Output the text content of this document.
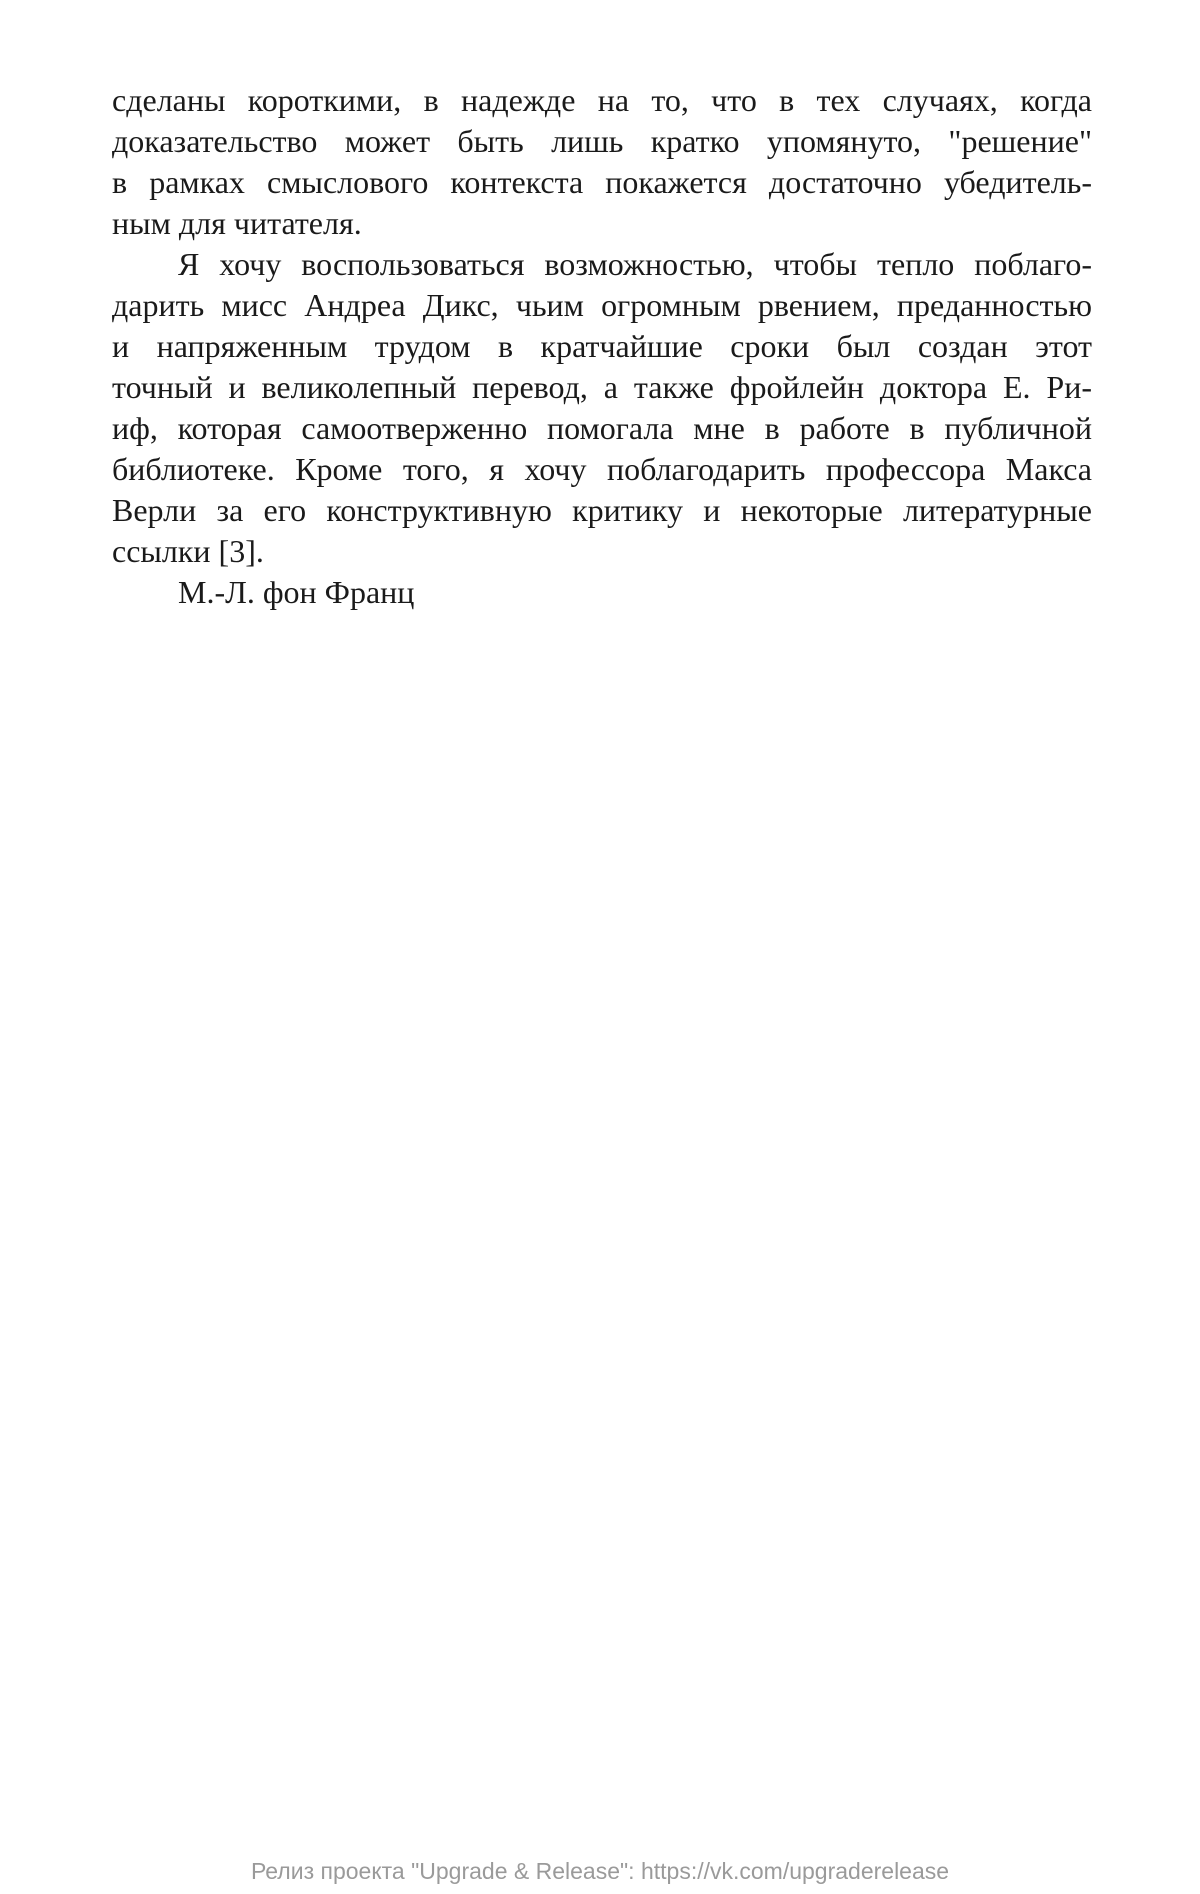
сделаны короткими, в надежде на то, что в тех случаях, когда
доказательство может быть лишь кратко упомянуто, "решение"
в рамках смыслового контекста покажется достаточно убедитель-
ным для читателя.
Я хочу воспользоваться возможностью, чтобы тепло поблаго-
дарить мисс Андреа Дикс, чьим огромным рвением, преданностью
и напряженным трудом в кратчайшие сроки был создан этот
точный и великолепный перевод, а также фройлейн доктора Е. Ри-
иф, которая самоотверженно помогала мне в работе в публичной
библиотеке. Кроме того, я хочу поблагодарить профессора Макса
Верли за его конструктивную критику и некоторые литературные
ссылки [3].
М.-Л. фон Франц
Релиз проекта "Upgrade & Release": https://vk.com/upgraderelease
